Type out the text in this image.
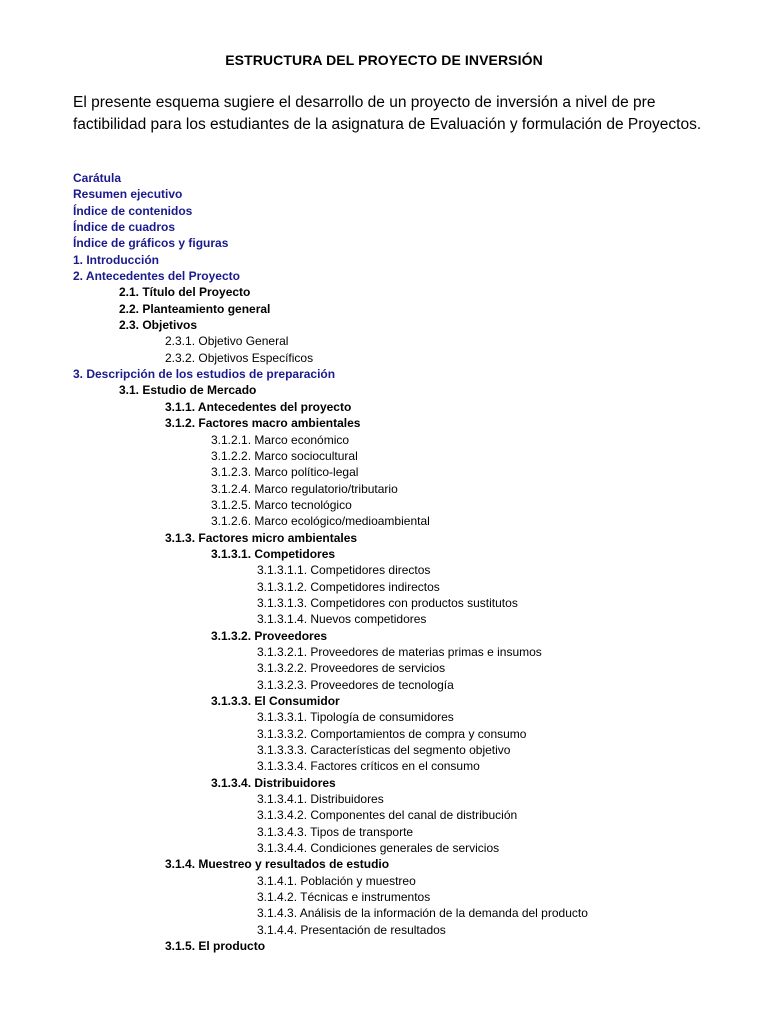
ESTRUCTURA DEL PROYECTO DE INVERSIÓN
El presente esquema sugiere el desarrollo de un proyecto de inversión a nivel de pre factibilidad para los estudiantes de la asignatura de Evaluación y formulación de Proyectos.
Carátula
Resumen ejecutivo
Índice de contenidos
Índice de cuadros
Índice de gráficos y figuras
1. Introducción
2. Antecedentes del Proyecto
2.1. Título del Proyecto
2.2. Planteamiento general
2.3. Objetivos
2.3.1. Objetivo General
2.3.2. Objetivos Específicos
3. Descripción de los estudios de preparación
3.1. Estudio de Mercado
3.1.1. Antecedentes del proyecto
3.1.2. Factores macro ambientales
3.1.2.1. Marco económico
3.1.2.2. Marco sociocultural
3.1.2.3. Marco político-legal
3.1.2.4. Marco regulatorio/tributario
3.1.2.5. Marco tecnológico
3.1.2.6. Marco ecológico/medioambiental
3.1.3. Factores micro ambientales
3.1.3.1. Competidores
3.1.3.1.1. Competidores directos
3.1.3.1.2. Competidores indirectos
3.1.3.1.3. Competidores con productos sustitutos
3.1.3.1.4. Nuevos competidores
3.1.3.2. Proveedores
3.1.3.2.1. Proveedores de materias primas e insumos
3.1.3.2.2. Proveedores de servicios
3.1.3.2.3. Proveedores de tecnología
3.1.3.3. El Consumidor
3.1.3.3.1. Tipología de consumidores
3.1.3.3.2. Comportamientos de compra y consumo
3.1.3.3.3. Características del segmento objetivo
3.1.3.3.4. Factores críticos en el consumo
3.1.3.4. Distribuidores
3.1.3.4.1. Distribuidores
3.1.3.4.2. Componentes del canal de distribución
3.1.3.4.3. Tipos de transporte
3.1.3.4.4. Condiciones generales de servicios
3.1.4. Muestreo y resultados de estudio
3.1.4.1. Población y muestreo
3.1.4.2. Técnicas e instrumentos
3.1.4.3. Análisis de la información de la demanda del producto
3.1.4.4. Presentación de resultados
3.1.5. El producto
